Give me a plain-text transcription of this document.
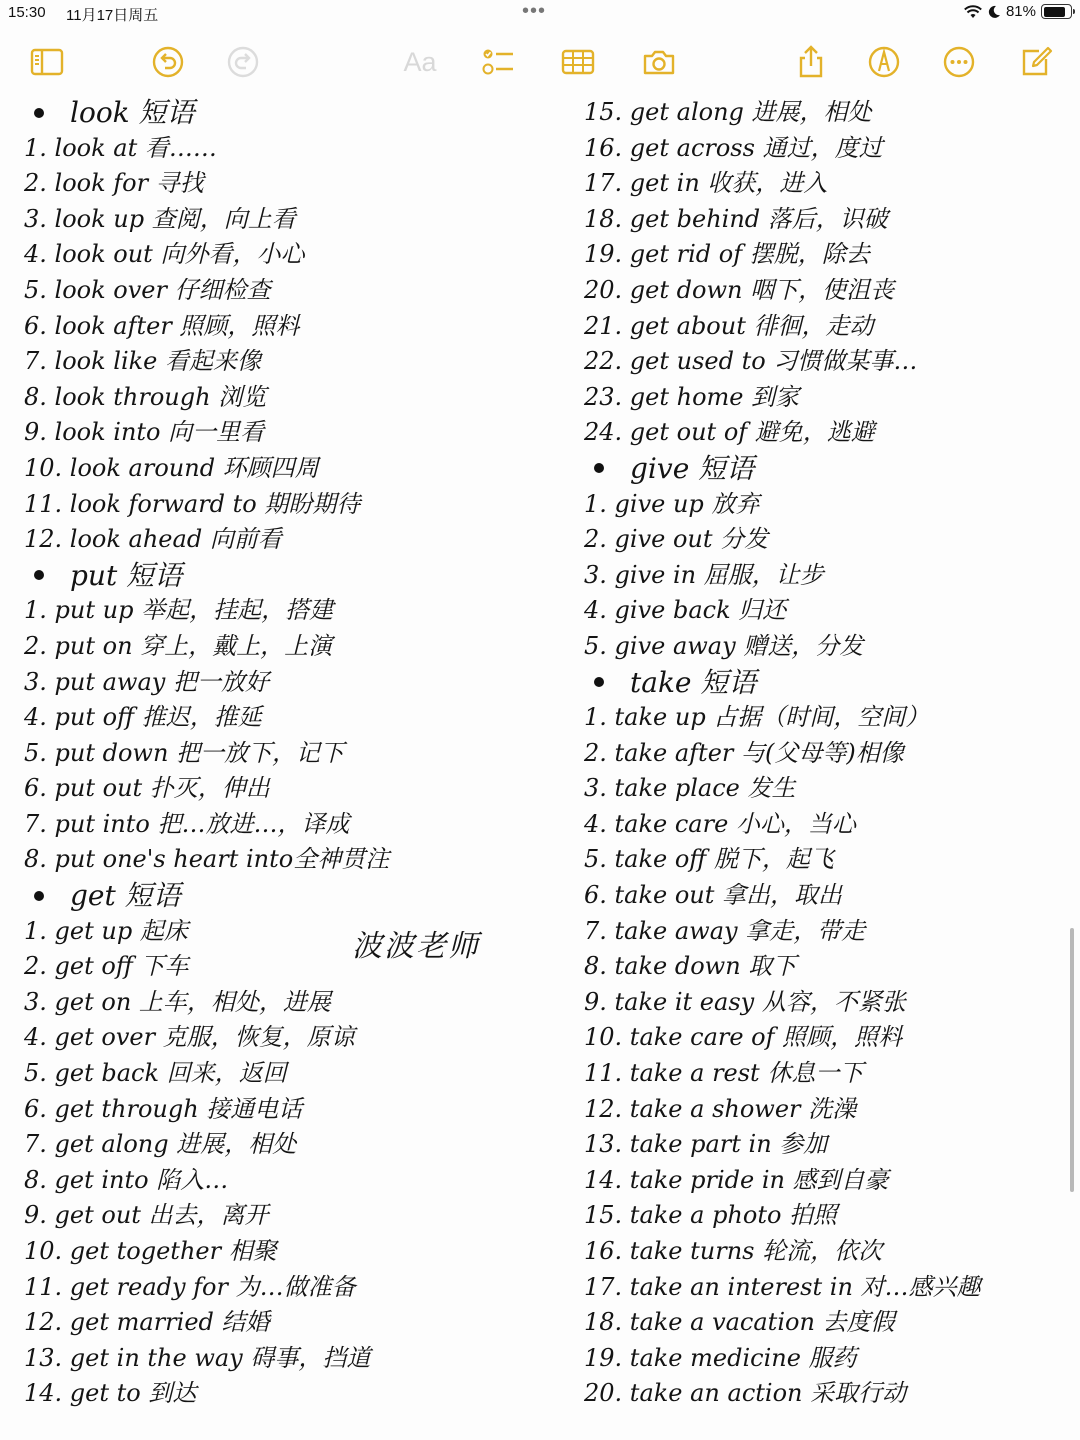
15:30 11月17日周五	•••	81%
Aa
look 短语
1. look at 看……
2. look for 寻找
3. look up 查阅，向上看
4. look out 向外看，小心
5. look over 仔细检查
6. look after 照顾，照料
7. look like 看起来像
8. look through 浏览
9. look into 向一里看
10. look around 环顾四周
11. look forward to 期盼期待
12. look ahead 向前看
put 短语
1. put up 举起，挂起，搭建
2. put on 穿上，戴上，上演
3. put away 把一放好
4. put off 推迟，推延
5. put down 把一放下，记下
6. put out 扑灭，伸出
7. put into 把…放进…，译成
8. put one's heart into全神贯注
get 短语
1. get up 起床
2. get off 下车
3. get on 上车，相处，进展
4. get over 克服，恢复，原谅
5. get back 回来，返回
6. get through 接通电话
7. get along 进展，相处
8. get into 陷入…
9. get out 出去，离开
10. get together 相聚
11. get ready for 为…做准备
12. get married 结婚
13. get in the way 碍事，挡道
14. get to 到达
15. get along 进展，相处
16. get across 通过，度过
17. get in 收获，进入
18. get behind 落后，识破
19. get rid of 摆脱，除去
20. get down 咽下，使沮丧
21. get about 徘徊，走动
22. get used to 习惯做某事…
23. get home 到家
24. get out of 避免，逃避
give 短语
1. give up 放弃
2. give out 分发
3. give in 屈服，让步
4. give back 归还
5. give away 赠送，分发
take 短语
1. take up 占据（时间，空间）
2. take after 与(父母等)相像
3. take place 发生
4. take care 小心，当心
5. take off 脱下，起飞
6. take out 拿出，取出
7. take away 拿走，带走
8. take down 取下
9. take it easy 从容，不紧张
10. take care of 照顾，照料
11. take a rest 休息一下
12. take a shower 洗澡
13. take part in 参加
14. take pride in 感到自豪
15. take a photo 拍照
16. take turns 轮流，依次
17. take an interest in 对…感兴趣
18. take a vacation 去度假
19. take medicine 服药
20. take an action 采取行动
波波老师
